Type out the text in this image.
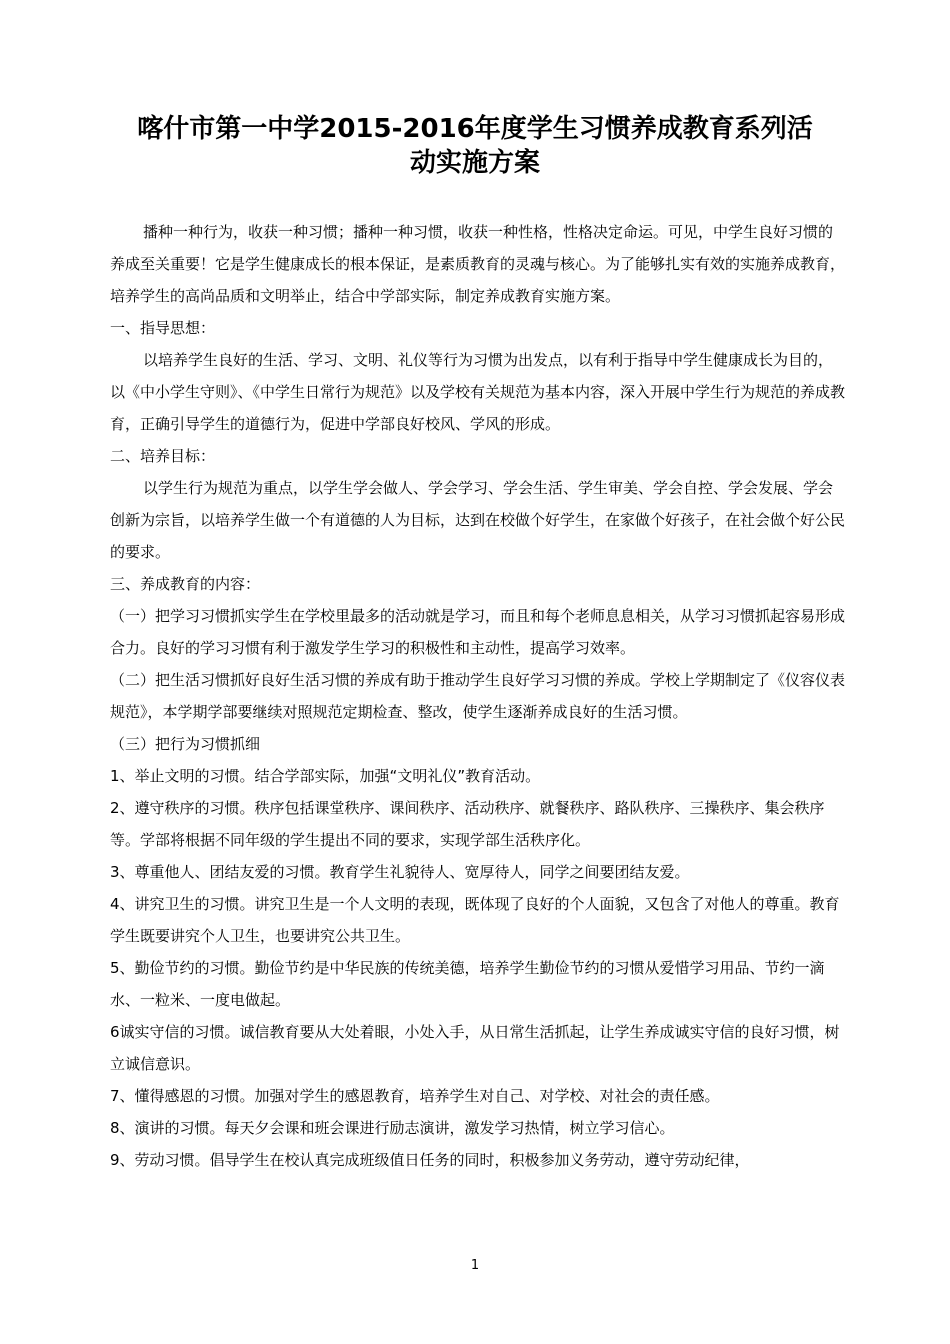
喀什市第一中学2015-2016年度学生习惯养成教育系列活
动实施方案

播种一种行为，收获一种习惯；播种一种习惯，收获一种性格，性格决定命运。可见，中学生良好习惯的养成至关重要！它是学生健康成长的根本保证，是素质教育的灵魂与核心。为了能够扎实有效的实施养成教育，培养学生的高尚品质和文明举止，结合中学部实际，制定养成教育实施方案。

一、指导思想：

以培养学生良好的生活、学习、文明、礼仪等行为习惯为出发点，以有利于指导中学生健康成长为目的，以《中小学生守则》、《中学生日常行为规范》以及学校有关规范为基本内容，深入开展中学生行为规范的养成教育，正确引导学生的道德行为，促进中学部良好校风、学风的形成。

二、培养目标：

以学生行为规范为重点，以学生学会做人、学会学习、学会生活、学生审美、学会自控、学会发展、学会创新为宗旨，以培养学生做一个有道德的人为目标，达到在校做个好学生，在家做个好孩子，在社会做个好公民的要求。

三、养成教育的内容：

（一）把学习习惯抓实学生在学校里最多的活动就是学习，而且和每个老师息息相关，从学习习惯抓起容易形成合力。良好的学习习惯有利于激发学生学习的积极性和主动性，提高学习效率。

（二）把生活习惯抓好良好生活习惯的养成有助于推动学生良好学习习惯的养成。学校上学期制定了《仪容仪表规范》，本学期学部要继续对照规范定期检查、整改，使学生逐渐养成良好的生活习惯。

（三）把行为习惯抓细

1、举止文明的习惯。结合学部实际，加强“文明礼仪”教育活动。

2、遵守秩序的习惯。秩序包括课堂秩序、课间秩序、活动秩序、就餐秩序、路队秩序、三操秩序、集会秩序等。学部将根据不同年级的学生提出不同的要求，实现学部生活秩序化。

3、尊重他人、团结友爱的习惯。教育学生礼貌待人、宽厚待人，同学之间要团结友爱。

4、讲究卫生的习惯。讲究卫生是一个人文明的表现，既体现了良好的个人面貌，又包含了对他人的尊重。教育学生既要讲究个人卫生，也要讲究公共卫生。

5、勤俭节约的习惯。勤俭节约是中华民族的传统美德，培养学生勤俭节约的习惯从爱惜学习用品、节约一滴水、一粒米、一度电做起。

6诚实守信的习惯。诚信教育要从大处着眼，小处入手，从日常生活抓起，让学生养成诚实守信的良好习惯，树立诚信意识。

7、懂得感恩的习惯。加强对学生的感恩教育，培养学生对自己、对学校、对社会的责任感。

8、演讲的习惯。每天夕会课和班会课进行励志演讲，激发学习热情，树立学习信心。

9、劳动习惯。倡导学生在校认真完成班级值日任务的同时，积极参加义务劳动，遵守劳动纪律，

1
